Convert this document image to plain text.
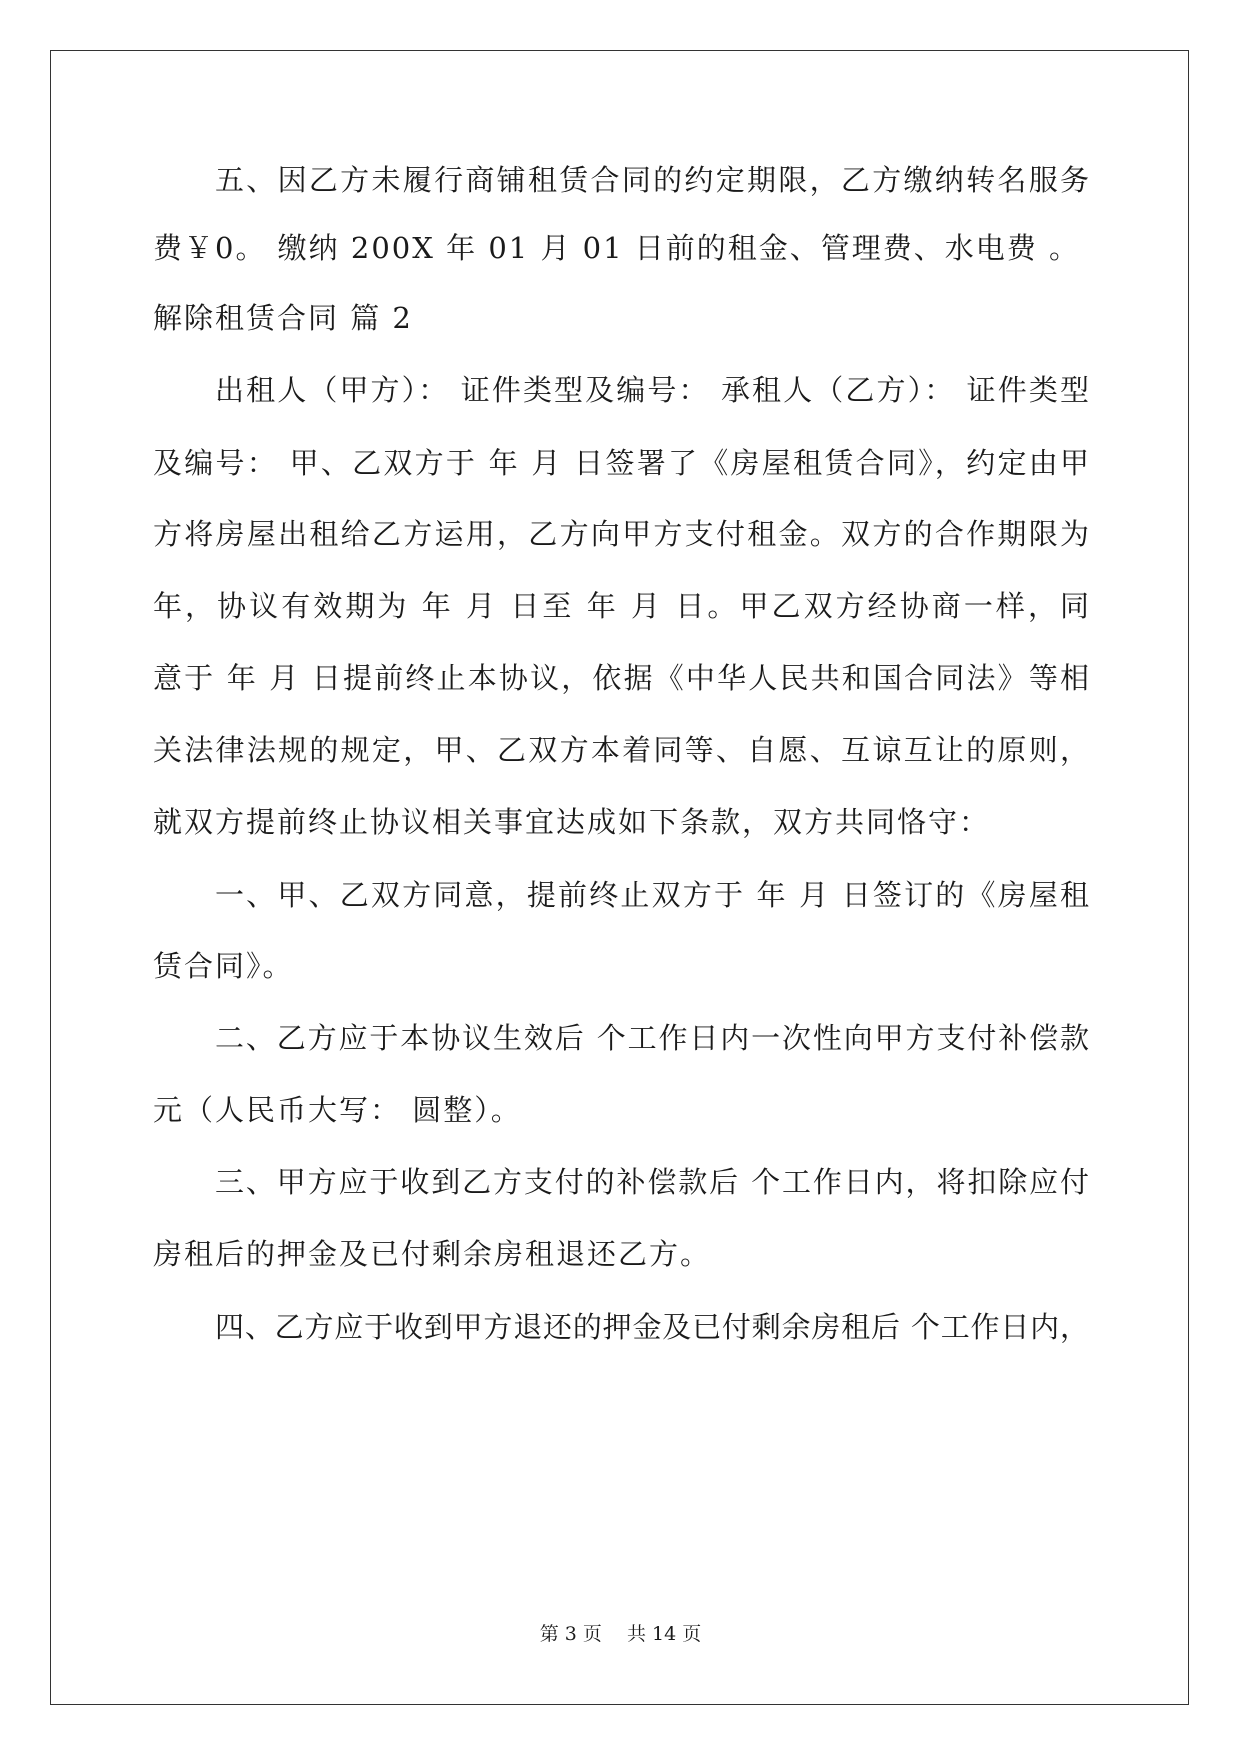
五、因乙方未履行商铺租赁合同的约定期限，乙方缴纳转名服务
费￥0。 缴纳 200X 年 01 月 01 日前的租金、管理费、水电费 。
解除租赁合同 篇 2
出租人（甲方）： 证件类型及编号： 承租人（乙方）： 证件类型
及编号： 甲、乙双方于 年 月 日签署了《房屋租赁合同》，约定由甲
方将房屋出租给乙方运用，乙方向甲方支付租金。双方的合作期限为
年，协议有效期为 年 月 日至 年 月 日。甲乙双方经协商一样，同
意于 年 月 日提前终止本协议，依据《中华人民共和国合同法》等相
关法律法规的规定，甲、乙双方本着同等、自愿、互谅互让的原则，
就双方提前终止协议相关事宜达成如下条款，双方共同恪守：
一、甲、乙双方同意，提前终止双方于 年 月 日签订的《房屋租
赁合同》。
二、乙方应于本协议生效后 个工作日内一次性向甲方支付补偿款
元（人民币大写： 圆整）。
三、甲方应于收到乙方支付的补偿款后 个工作日内，将扣除应付
房租后的押金及已付剩余房租退还乙方。
四、乙方应于收到甲方退还的押金及已付剩余房租后 个工作日内，
第 3 页　 共 14 页
